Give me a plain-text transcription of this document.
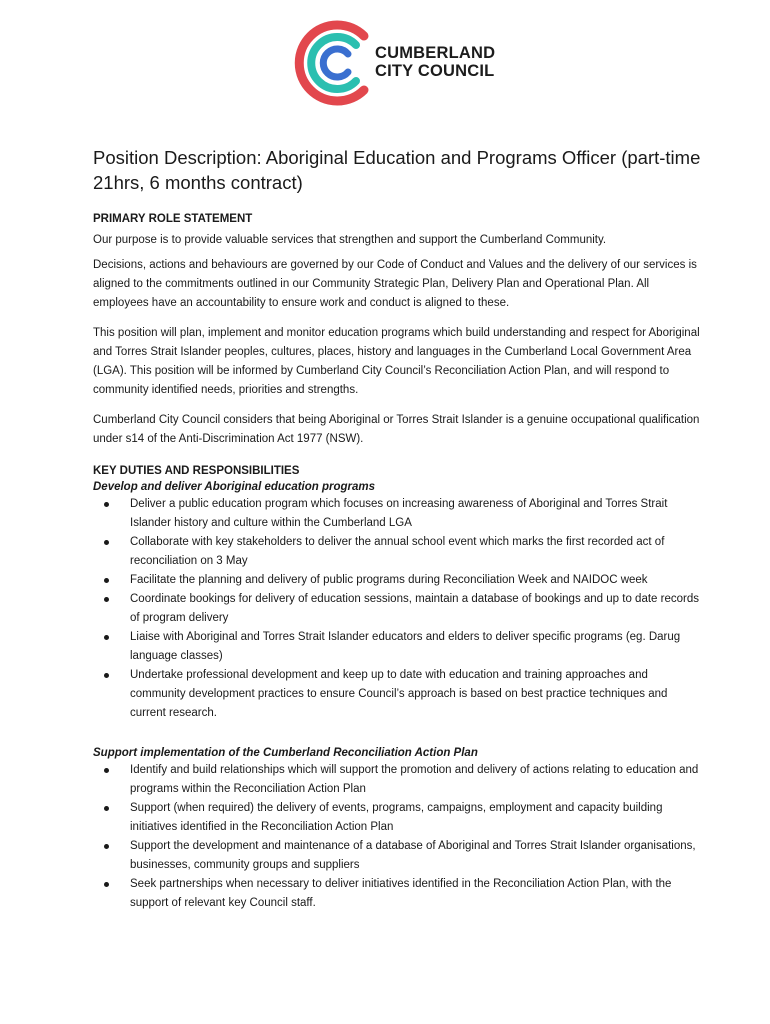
CUMBERLAND
CITY COUNCIL
Position Description: Aboriginal Education and Programs Officer (part-time 21hrs, 6 months contract)
PRIMARY ROLE STATEMENT

Our purpose is to provide valuable services that strengthen and support the Cumberland Community.

Decisions, actions and behaviours are governed by our Code of Conduct and Values and the delivery of our services is aligned to the commitments outlined in our Community Strategic Plan, Delivery Plan and Operational Plan. All employees have an accountability to ensure work and conduct is aligned to these.

This position will plan, implement and monitor education programs which build understanding and respect for Aboriginal and Torres Strait Islander peoples, cultures, places, history and languages in the Cumberland Local Government Area (LGA). This position will be informed by Cumberland City Council’s Reconciliation Action Plan, and will respond to community identified needs, priorities and strengths.

Cumberland City Council considers that being Aboriginal or Torres Strait Islander is a genuine occupational qualification under s14 of the Anti-Discrimination Act 1977 (NSW).

KEY DUTIES AND RESPONSIBILITIES
Develop and deliver Aboriginal education programs
Deliver a public education program which focuses on increasing awareness of Aboriginal and Torres Strait Islander history and culture within the Cumberland LGA
Collaborate with key stakeholders to deliver the annual school event which marks the first recorded act of reconciliation on 3 May
Facilitate the planning and delivery of public programs during Reconciliation Week and NAIDOC week
Coordinate bookings for delivery of education sessions, maintain a database of bookings and up to date records of program delivery
Liaise with Aboriginal and Torres Strait Islander educators and elders to deliver specific programs (eg. Darug language classes)
Undertake professional development and keep up to date with education and training approaches and community development practices to ensure Council’s approach is based on best practice techniques and current research.
Support implementation of the Cumberland Reconciliation Action Plan
Identify and build relationships which will support the promotion and delivery of actions relating to education and programs within the Reconciliation Action Plan
Support (when required) the delivery of events, programs, campaigns, employment and capacity building initiatives identified in the Reconciliation Action Plan
Support the development and maintenance of a database of Aboriginal and Torres Strait Islander organisations, businesses, community groups and suppliers
Seek partnerships when necessary to deliver initiatives identified in the Reconciliation Action Plan, with the support of relevant key Council staff.
